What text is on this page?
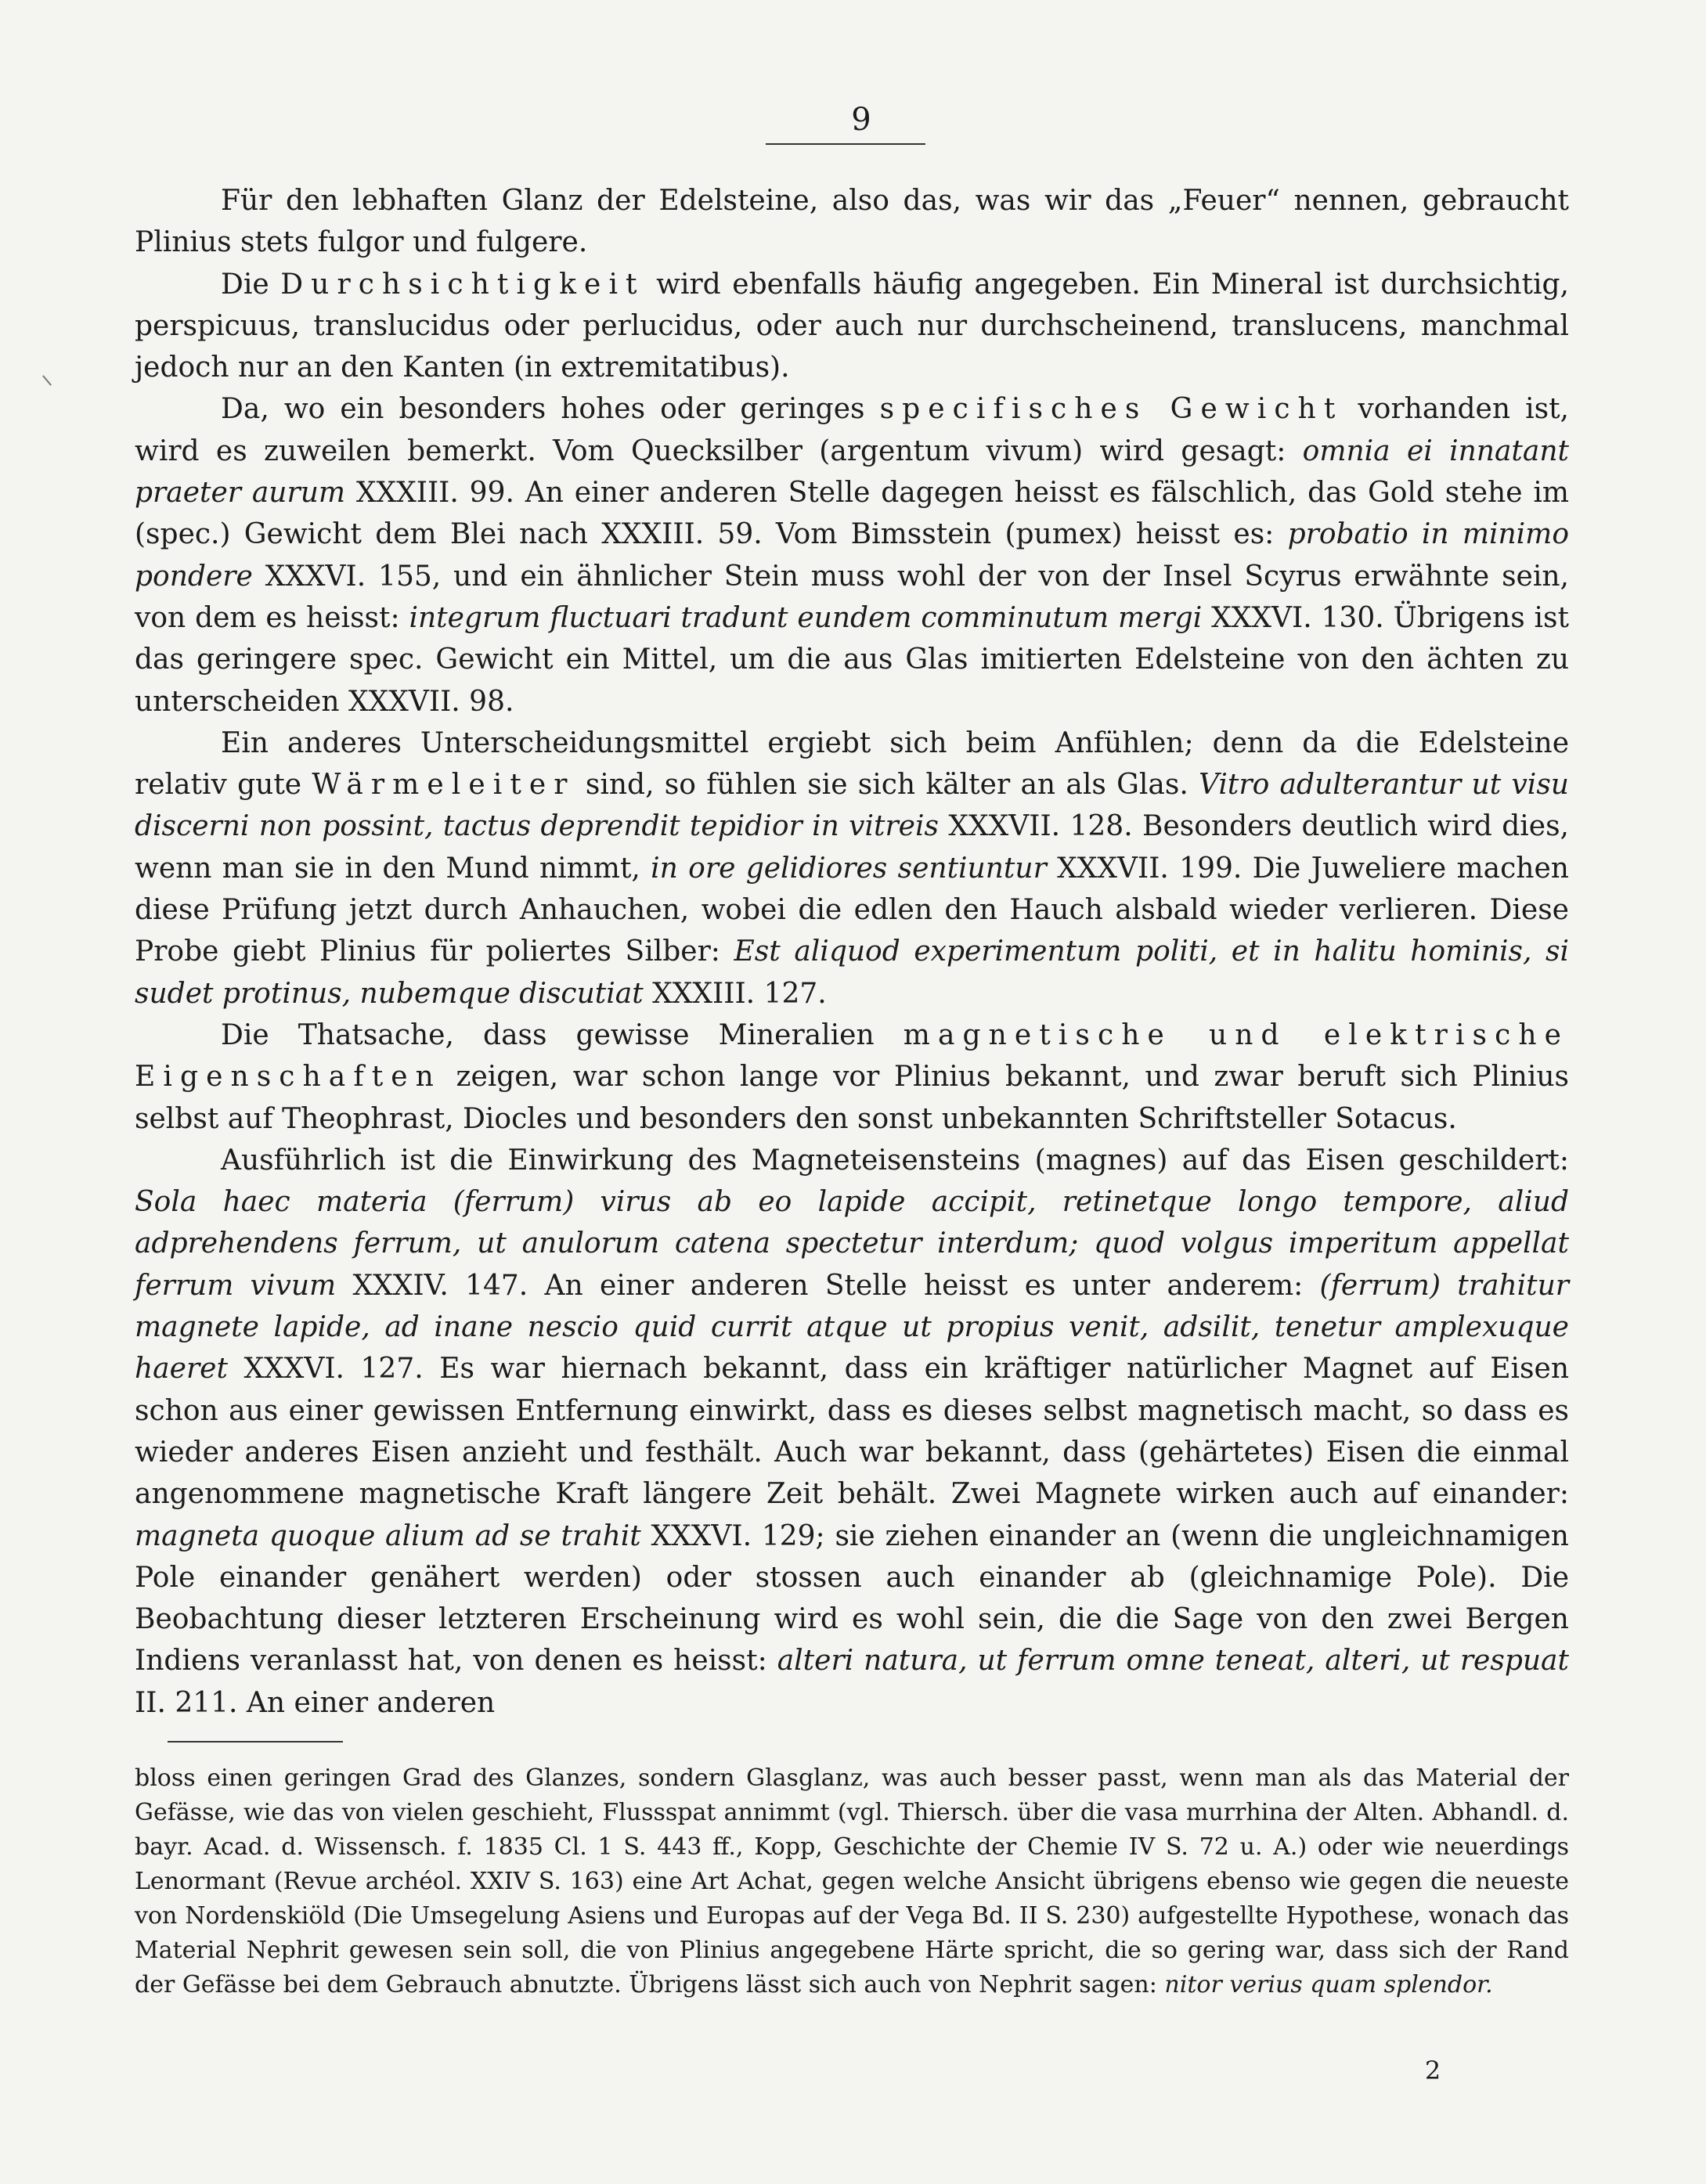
9

Für den lebhaften Glanz der Edelsteine, also das, was wir das „Feuer“ nennen, gebraucht Plinius stets fulgor und fulgere.

Die Durchsichtigkeit wird ebenfalls häufig angegeben. Ein Mineral ist durchsichtig, perspicuus, translucidus oder perlucidus, oder auch nur durchscheinend, translucens, manchmal jedoch nur an den Kanten (in extremitatibus).

Da, wo ein besonders hohes oder geringes specifisches Gewicht vorhanden ist, wird es zuweilen bemerkt. Vom Quecksilber (argentum vivum) wird gesagt: omnia ei innatant praeter aurum XXXIII. 99. An einer anderen Stelle dagegen heisst es fälschlich, das Gold stehe im (spec.) Gewicht dem Blei nach XXXIII. 59. Vom Bimsstein (pumex) heisst es: probatio in minimo pondere XXXVI. 155, und ein ähnlicher Stein muss wohl der von der Insel Scyrus erwähnte sein, von dem es heisst: integrum fluctuari tradunt eundem comminutum mergi XXXVI. 130. Übrigens ist das geringere spec. Gewicht ein Mittel, um die aus Glas imitierten Edelsteine von den ächten zu unterscheiden XXXVII. 98.

Ein anderes Unterscheidungsmittel ergiebt sich beim Anfühlen; denn da die Edelsteine relativ gute Wärmeleiter sind, so fühlen sie sich kälter an als Glas. Vitro adulterantur ut visu discerni non possint, tactus deprendit tepidior in vitreis XXXVII. 128. Besonders deutlich wird dies, wenn man sie in den Mund nimmt, in ore gelidiores sentiuntur XXXVII. 199. Die Juweliere machen diese Prüfung jetzt durch Anhauchen, wobei die edlen den Hauch alsbald wieder verlieren. Diese Probe giebt Plinius für poliertes Silber: Est aliquod experimentum politi, et in halitu hominis, si sudet protinus, nubemque discutiat XXXIII. 127.

Die Thatsache, dass gewisse Mineralien magnetische und elektrische Eigenschaften zeigen, war schon lange vor Plinius bekannt, und zwar beruft sich Plinius selbst auf Theophrast, Diocles und besonders den sonst unbekannten Schriftsteller Sotacus.

Ausführlich ist die Einwirkung des Magneteisensteins (magnes) auf das Eisen geschildert: Sola haec materia (ferrum) virus ab eo lapide accipit, retinetque longo tempore, aliud adprehendens ferrum, ut anulorum catena spectetur interdum; quod volgus imperitum appellat ferrum vivum XXXIV. 147. An einer anderen Stelle heisst es unter anderem: (ferrum) trahitur magnete lapide, ad inane nescio quid currit atque ut propius venit, adsilit, tenetur amplexuque haeret XXXVI. 127. Es war hiernach bekannt, dass ein kräftiger natürlicher Magnet auf Eisen schon aus einer gewissen Entfernung einwirkt, dass es dieses selbst magnetisch macht, so dass es wieder anderes Eisen anzieht und festhält. Auch war bekannt, dass (gehärtetes) Eisen die einmal angenommene magnetische Kraft längere Zeit behält. Zwei Magnete wirken auch auf einander: magneta quoque alium ad se trahit XXXVI. 129; sie ziehen einander an (wenn die ungleichnamigen Pole einander genähert werden) oder stossen auch einander ab (gleichnamige Pole). Die Beobachtung dieser letzteren Erscheinung wird es wohl sein, die die Sage von den zwei Bergen Indiens veranlasst hat, von denen es heisst: alteri natura, ut ferrum omne teneat, alteri, ut respuat II. 211. An einer anderen

bloss einen geringen Grad des Glanzes, sondern Glasglanz, was auch besser passt, wenn man als das Material der Gefässe, wie das von vielen geschieht, Flussspat annimmt (vgl. Thiersch. über die vasa murrhina der Alten. Abhandl. d. bayr. Acad. d. Wissensch. f. 1835 Cl. 1 S. 443 ff., Kopp, Geschichte der Chemie IV S. 72 u. A.) oder wie neuerdings Lenormant (Revue archéol. XXIV S. 163) eine Art Achat, gegen welche Ansicht übrigens ebenso wie gegen die neueste von Nordenskiöld (Die Umsegelung Asiens und Europas auf der Vega Bd. II S. 230) aufgestellte Hypothese, wonach das Material Nephrit gewesen sein soll, die von Plinius angegebene Härte spricht, die so gering war, dass sich der Rand der Gefässe bei dem Gebrauch abnutzte. Übrigens lässt sich auch von Nephrit sagen: nitor verius quam splendor.

2
